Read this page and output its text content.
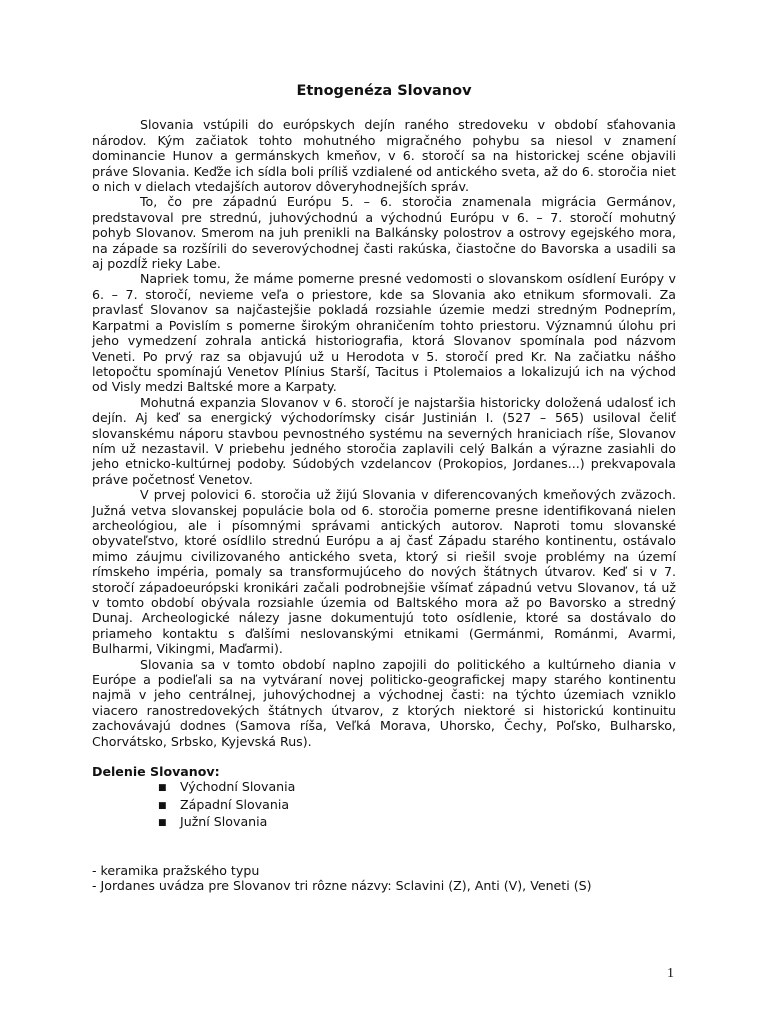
Etnogenéza Slovanov

Slovania vstúpili do európskych dejín raného stredoveku v období sťahovania národov. Kým začiatok tohto mohutného migračného pohybu sa niesol v znamení dominancie Hunov a germánskych kmeňov, v 6. storočí sa na historickej scéne objavili práve Slovania. Keďže ich sídla boli príliš vzdialené od antického sveta, až do 6. storočia niet o nich v dielach vtedajších autorov dôveryhodnejších správ.

To, čo pre západnú Európu 5. – 6. storočia znamenala migrácia Germánov, predstavoval pre strednú, juhovýchodnú a východnú Európu v 6. – 7. storočí mohutný pohyb Slovanov. Smerom na juh prenikli na Balkánsky polostrov a ostrovy egejského mora, na západe sa rozšírili do severovýchodnej časti rakúska, čiastočne do Bavorska a usadili sa aj pozdĺž rieky Labe.

Napriek tomu, že máme pomerne presné vedomosti o slovanskom osídlení Európy v 6. – 7. storočí, nevieme veľa o priestore, kde sa Slovania ako etnikum sformovali. Za pravlasť Slovanov sa najčastejšie pokladá rozsiahle územie medzi stredným Podneprím, Karpatmi a Povislím s pomerne širokým ohraničením tohto priestoru. Významnú úlohu pri jeho vymedzení zohrala antická historiografia, ktorá Slovanov spomínala pod názvom Veneti. Po prvý raz sa objavujú už u Herodota v 5. storočí pred Kr. Na začiatku nášho letopočtu spomínajú Venetov Plínius Starší, Tacitus i Ptolemaios a lokalizujú ich na východ od Visly medzi Baltské more a Karpaty.

Mohutná expanzia Slovanov v 6. storočí je najstaršia historicky doložená udalosť ich dejín. Aj keď sa energický východorímsky cisár Justinián I. (527 – 565) usiloval čeliť slovanskému náporu stavbou pevnostného systému na severných hraniciach ríše, Slovanov ním už nezastavil. V priebehu jedného storočia zaplavili celý Balkán a výrazne zasiahli do jeho etnicko-kultúrnej podoby. Súdobých vzdelancov (Prokopios, Jordanes...) prekvapovala práve početnosť Venetov.

V prvej polovici 6. storočia už žijú Slovania v diferencovaných kmeňových zväzoch. Južná vetva slovanskej populácie bola od 6. storočia pomerne presne identifikovaná nielen archeológiou, ale i písomnými správami antických autorov. Naproti tomu slovanské obyvateľstvo, ktoré osídlilo strednú Európu a aj časť Západu starého kontinentu, ostávalo mimo záujmu civilizovaného antického sveta, ktorý si riešil svoje problémy na území rímskeho impéria, pomaly sa transformujúceho do nových štátnych útvarov. Keď si v 7. storočí západoeurópski kronikári začali podrobnejšie všímať západnú vetvu Slovanov, tá už v tomto období obývala rozsiahle územia od Baltského mora až po Bavorsko a stredný Dunaj. Archeologické nálezy jasne dokumentujú toto osídlenie, ktoré sa dostávalo do priameho kontaktu s ďalšími neslovanskými etnikami (Germánmi, Románmi, Avarmi, Bulharmi, Vikingmi, Maďarmi).

Slovania sa v tomto období naplno zapojili do politického a kultúrneho diania v Európe a podieľali sa na vytváraní novej politicko-geografickej mapy starého kontinentu najmä v jeho centrálnej, juhovýchodnej a východnej časti: na týchto územiach vzniklo viacero ranostredovekých štátnych útvarov, z ktorých niektoré si historickú kontinuitu zachovávajú dodnes (Samova ríša, Veľká Morava, Uhorsko, Čechy, Poľsko, Bulharsko, Chorvátsko, Srbsko, Kyjevská Rus).

Delenie Slovanov:
■ Východní Slovania
■ Západní Slovania
■ Južní Slovania

- keramika pražského typu

- Jordanes uvádza pre Slovanov tri rôzne názvy: Sclavini (Z), Anti (V), Veneti (S)

1
